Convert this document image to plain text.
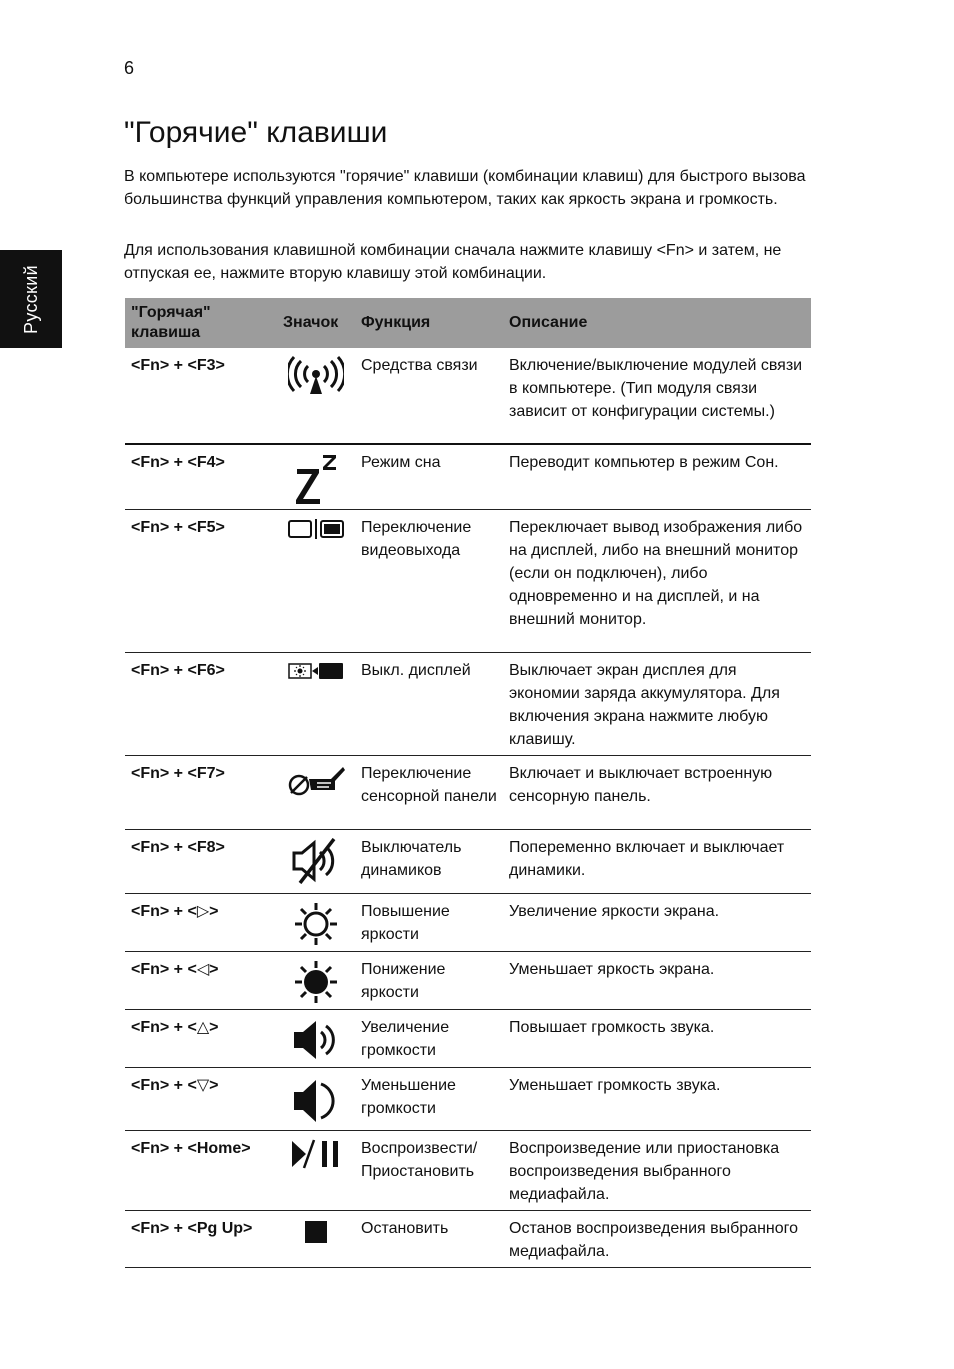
6
Русский
"Горячие" клавиши

В компьютере используются "горячие" клавиши (комбинации клавиш) для быстрого вызова большинства функций управления компьютером, таких как яркость экрана и громкость.

Для использования клавишной комбинации сначала нажмите клавишу <Fn> и затем, не отпуская ее, нажмите вторую клавишу этой комбинации.

"Горячая" клавиша	Значок	Функция	Описание
<Fn> + <F3>		Средства связи	Включение/выключение модулей связи в компьютере. (Тип модуля связи зависит от конфигурации системы.)
<Fn> + <F4>		Режим сна	Переводит компьютер в режим Сон.
<Fn> + <F5>		Переключение видеовыхода	Переключает вывод изображения либо на дисплей, либо на внешний монитор (если он подключен), либо одновременно и на дисплей, и на внешний монитор.
<Fn> + <F6>		Выкл. дисплей	Выключает экран дисплея для экономии заряда аккумулятора. Для включения экрана нажмите любую клавишу.
<Fn> + <F7>		Переключение сенсорной панели	Включает и выключает встроенную сенсорную панель.
<Fn> + <F8>		Выключатель динамиков	Попеременно включает и выключает динамики.
<Fn> + <▷>		Повышение яркости	Увеличение яркости экрана.
<Fn> + <◁>		Понижение яркости	Уменьшает яркость экрана.
<Fn> + <△>		Увеличение громкости	Повышает громкость звука.
<Fn> + <▽>		Уменьшение громкости	Уменьшает громкость звука.
<Fn> + <Home>		Воспроизвести/ Приостановить	Воспроизведение или приостановка воспроизведения выбранного медиафайла.
<Fn> + <Pg Up>		Остановить	Останов воспроизведения выбранного медиафайла.
